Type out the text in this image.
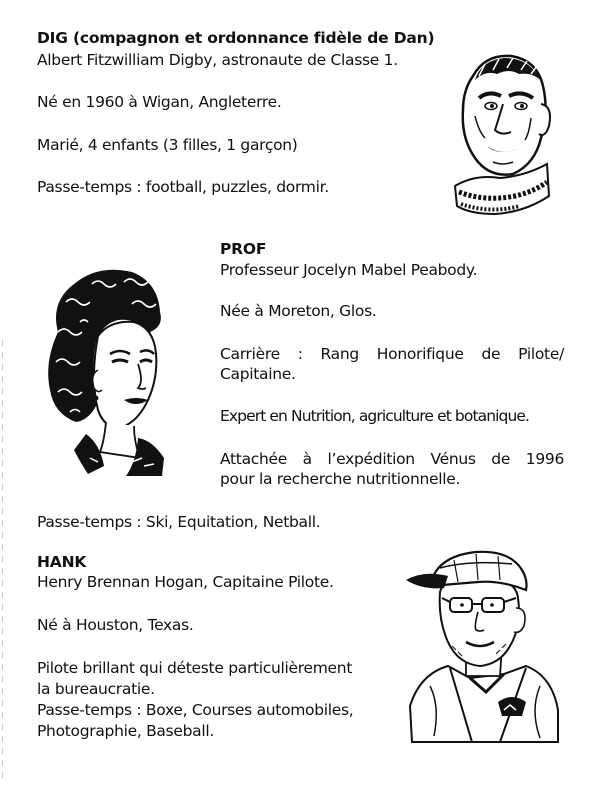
DIG (compagnon et ordonnance fidèle de Dan)
Albert Fitzwilliam Digby, astronaute de Classe 1.
Né en 1960 à Wigan, Angleterre.
Marié, 4 enfants (3 filles, 1 garçon)
Passe-temps : football, puzzles, dormir.
PROF
Professeur Jocelyn Mabel Peabody.
Née à Moreton, Glos.
Carrière : Rang Honorifique de Pilote/
Capitaine.
Expert en Nutrition, agriculture et botanique.
Attachée à l’expédition Vénus de 1996
pour la recherche nutritionnelle.
Passe-temps : Ski, Equitation, Netball.
HANK
Henry Brennan Hogan, Capitaine Pilote.
Né à Houston, Texas.
Pilote brillant qui déteste particulièrement
la bureaucratie.
Passe-temps : Boxe, Courses automobiles,
Photographie, Baseball.
